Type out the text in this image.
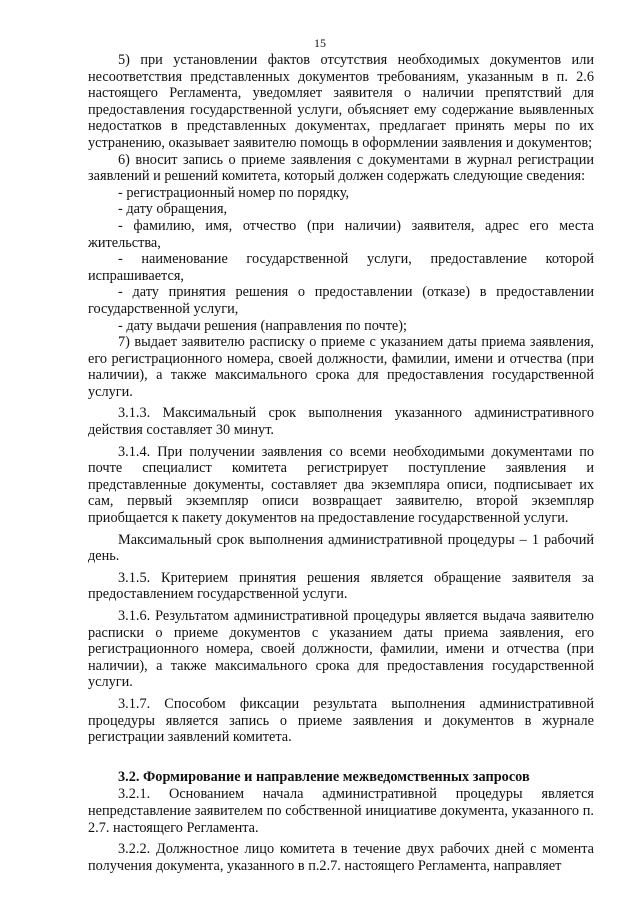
15

5) при установлении фактов отсутствия необходимых документов или несоответствия представленных документов требованиям, указанным в п. 2.6 настоящего Регламента, уведомляет заявителя о наличии препятствий для предоставления государственной услуги, объясняет ему содержание выявленных недостатков в представленных документах, предлагает принять меры по их устранению, оказывает заявителю помощь в оформлении заявления и документов;

6) вносит запись о приеме заявления с документами в журнал регистрации заявлений и решений комитета, который должен содержать следующие сведения:

- регистрационный номер по порядку,

- дату обращения,

- фамилию, имя, отчество (при наличии) заявителя, адрес его места жительства,

- наименование государственной услуги, предоставление которой испрашивается,

- дату принятия решения о предоставлении (отказе) в предоставлении государственной услуги,

- дату выдачи решения (направления по почте);

7) выдает заявителю расписку о приеме с указанием даты приема заявления, его регистрационного номера, своей должности, фамилии, имени и отчества (при наличии), а также максимального срока для предоставления государственной услуги.

3.1.3. Максимальный срок выполнения указанного административного действия составляет 30 минут.

3.1.4. При получении заявления со всеми необходимыми документами по почте специалист комитета регистрирует поступление заявления и представленные документы, составляет два экземпляра описи, подписывает их сам, первый экземпляр описи возвращает заявителю, второй экземпляр приобщается к пакету документов на предоставление государственной услуги.

Максимальный срок выполнения административной процедуры – 1 рабочий день.

3.1.5. Критерием принятия решения является обращение заявителя за предоставлением государственной услуги.

3.1.6. Результатом административной процедуры является выдача заявителю расписки о приеме документов с указанием даты приема заявления, его регистрационного номера, своей должности, фамилии, имени и отчества (при наличии), а также максимального срока для предоставления государственной услуги.

3.1.7. Способом фиксации результата выполнения административной процедуры является запись о приеме заявления и документов в журнале регистрации заявлений комитета.

3.2. Формирование и направление межведомственных запросов

3.2.1. Основанием начала административной процедуры является непредставление заявителем по собственной инициативе документа, указанного п. 2.7. настоящего Регламента.

3.2.2. Должностное лицо комитета в течение двух рабочих дней с момента получения документа, указанного в п.2.7. настоящего Регламента, направляет
